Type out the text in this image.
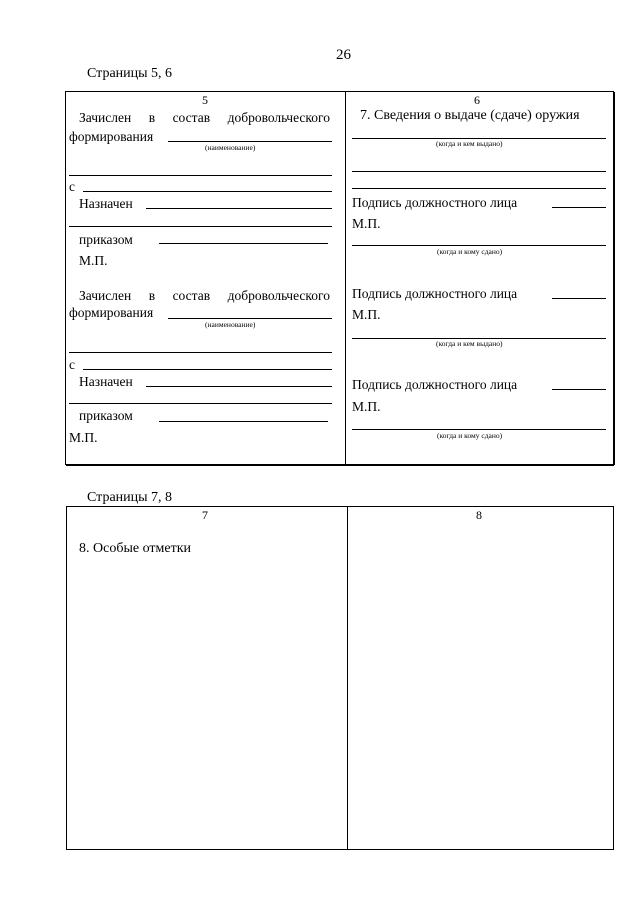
26
Страницы 5, 6
5
Зачислен в состав добровольческого
формирования
(наименование)
с
Назначен
приказом
М.П.
Зачислен в состав добровольческого
формирования
(наименование)
с
Назначен
приказом
М.П.
6
7. Сведения о выдаче (сдаче) оружия
(когда и кем выдано)
Подпись должностного лица
М.П.
(когда и кому сдано)
Подпись должностного лица
М.П.
(когда и кем выдано)
Подпись должностного лица
М.П.
(когда и кому сдано)
Страницы 7, 8
7	8
8. Особые отметки
